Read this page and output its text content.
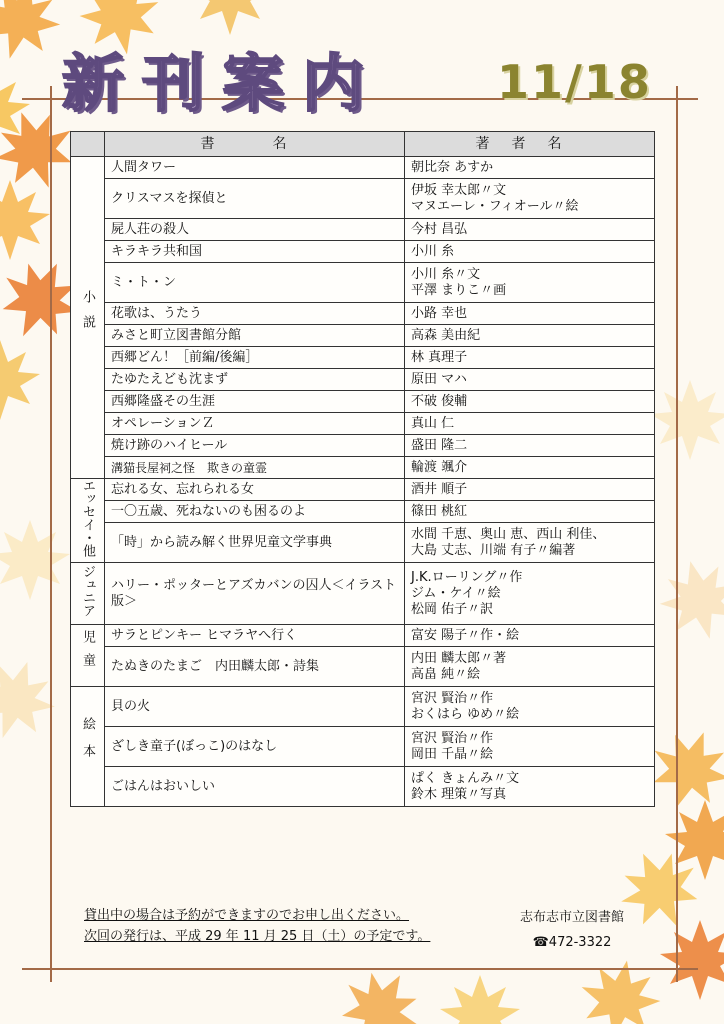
新刊案内 11/18
	書　名	著者名
小説	人間タワー	朝比奈 あすか
	クリスマスを探偵と	伊坂 幸太郎〃文
マヌエーレ・フィオール〃絵

	屍人荘の殺人	今村 昌弘
	キラキラ共和国	小川 糸
	ミ・ト・ン	小川 糸〃文
平澤 まりこ〃画

	花歌は、うたう	小路 幸也
	みさと町立図書館分館	高森 美由紀
	西郷どん！［前編/後編］	林 真理子
	たゆたえども沈まず	原田 マハ
	西郷隆盛その生涯	不破 俊輔
	オペレーションＺ	真山 仁
	焼け跡のハイヒール	盛田 隆二
	溝猫長屋祠之怪　欺きの童霊	輪渡 颯介
エッセイ・他	忘れる女、忘れられる女	酒井 順子
	一〇五歳、死ねないのも困るのよ	篠田 桃紅
	「時」から読み解く世界児童文学事典	水間 千恵、奥山 恵、西山 利佳、
大島 丈志、川端 有子〃編著

ジュニア	ハリー・ポッターとアズカバンの囚人＜イラスト版＞	J.K.ローリング〃作
ジム・ケイ〃絵
松岡 佑子〃訳

児童	サラとピンキー ヒマラヤへ行く	富安 陽子〃作・絵
	たぬきのたまご　内田麟太郎・詩集	内田 麟太郎〃著
高畠 純〃絵

絵本	貝の火	宮沢 賢治〃作
おくはら ゆめ〃絵

	ざしき童子(ぼっこ)のはなし	宮沢 賢治〃作
岡田 千晶〃絵

	ごはんはおいしい	ぱく きょんみ〃文
鈴木 理策〃写真
貸出中の場合は予約ができますのでお申し出ください。
次回の発行は、平成 29 年 11 月 25 日（土）の予定です。
志布志市立図書館
☎472-3322
